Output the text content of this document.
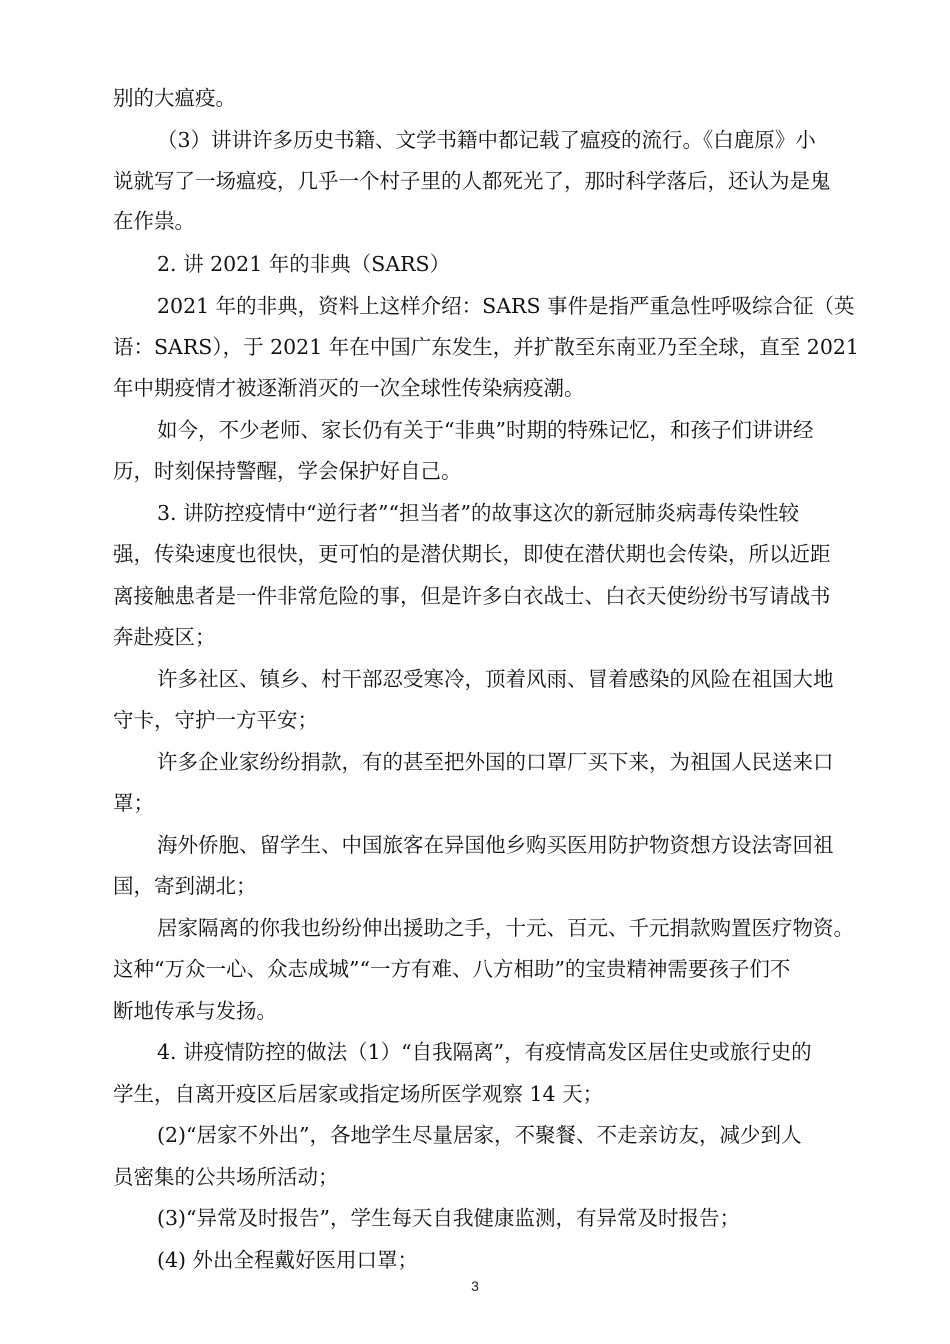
别的大瘟疫。
（3）讲讲许多历史书籍、文学书籍中都记载了瘟疫的流行。《白鹿原》小
说就写了一场瘟疫，几乎一个村子里的人都死光了，那时科学落后，还认为是鬼
在作祟。
2. 讲 2021 年的非典（SARS）
2021 年的非典，资料上这样介绍：SARS 事件是指严重急性呼吸综合征（英
语：SARS），于 2021 年在中国广东发生，并扩散至东南亚乃至全球，直至 2021
年中期疫情才被逐渐消灭的一次全球性传染病疫潮。
如今，不少老师、家长仍有关于“非典”时期的特殊记忆，和孩子们讲讲经
历，时刻保持警醒，学会保护好自己。
3. 讲防控疫情中“逆行者”“担当者”的故事这次的新冠肺炎病毒传染性较
强，传染速度也很快，更可怕的是潜伏期长，即使在潜伏期也会传染，所以近距
离接触患者是一件非常危险的事，但是许多白衣战士、白衣天使纷纷书写请战书
奔赴疫区；
许多社区、镇乡、村干部忍受寒冷，顶着风雨、冒着感染的风险在祖国大地
守卡，守护一方平安；
许多企业家纷纷捐款，有的甚至把外国的口罩厂买下来，为祖国人民送来口
罩；
海外侨胞、留学生、中国旅客在异国他乡购买医用防护物资想方设法寄回祖
国，寄到湖北；
居家隔离的你我也纷纷伸出援助之手，十元、百元、千元捐款购置医疗物资。
这种“万众一心、众志成城”“一方有难、八方相助”的宝贵精神需要孩子们不
断地传承与发扬。
4. 讲疫情防控的做法（1）“自我隔离”，有疫情高发区居住史或旅行史的
学生，自离开疫区后居家或指定场所医学观察 14 天；
(2)“居家不外出”，各地学生尽量居家，不聚餐、不走亲访友，减少到人
员密集的公共场所活动；
(3)“异常及时报告”，学生每天自我健康监测，有异常及时报告；
(4) 外出全程戴好医用口罩；
3
